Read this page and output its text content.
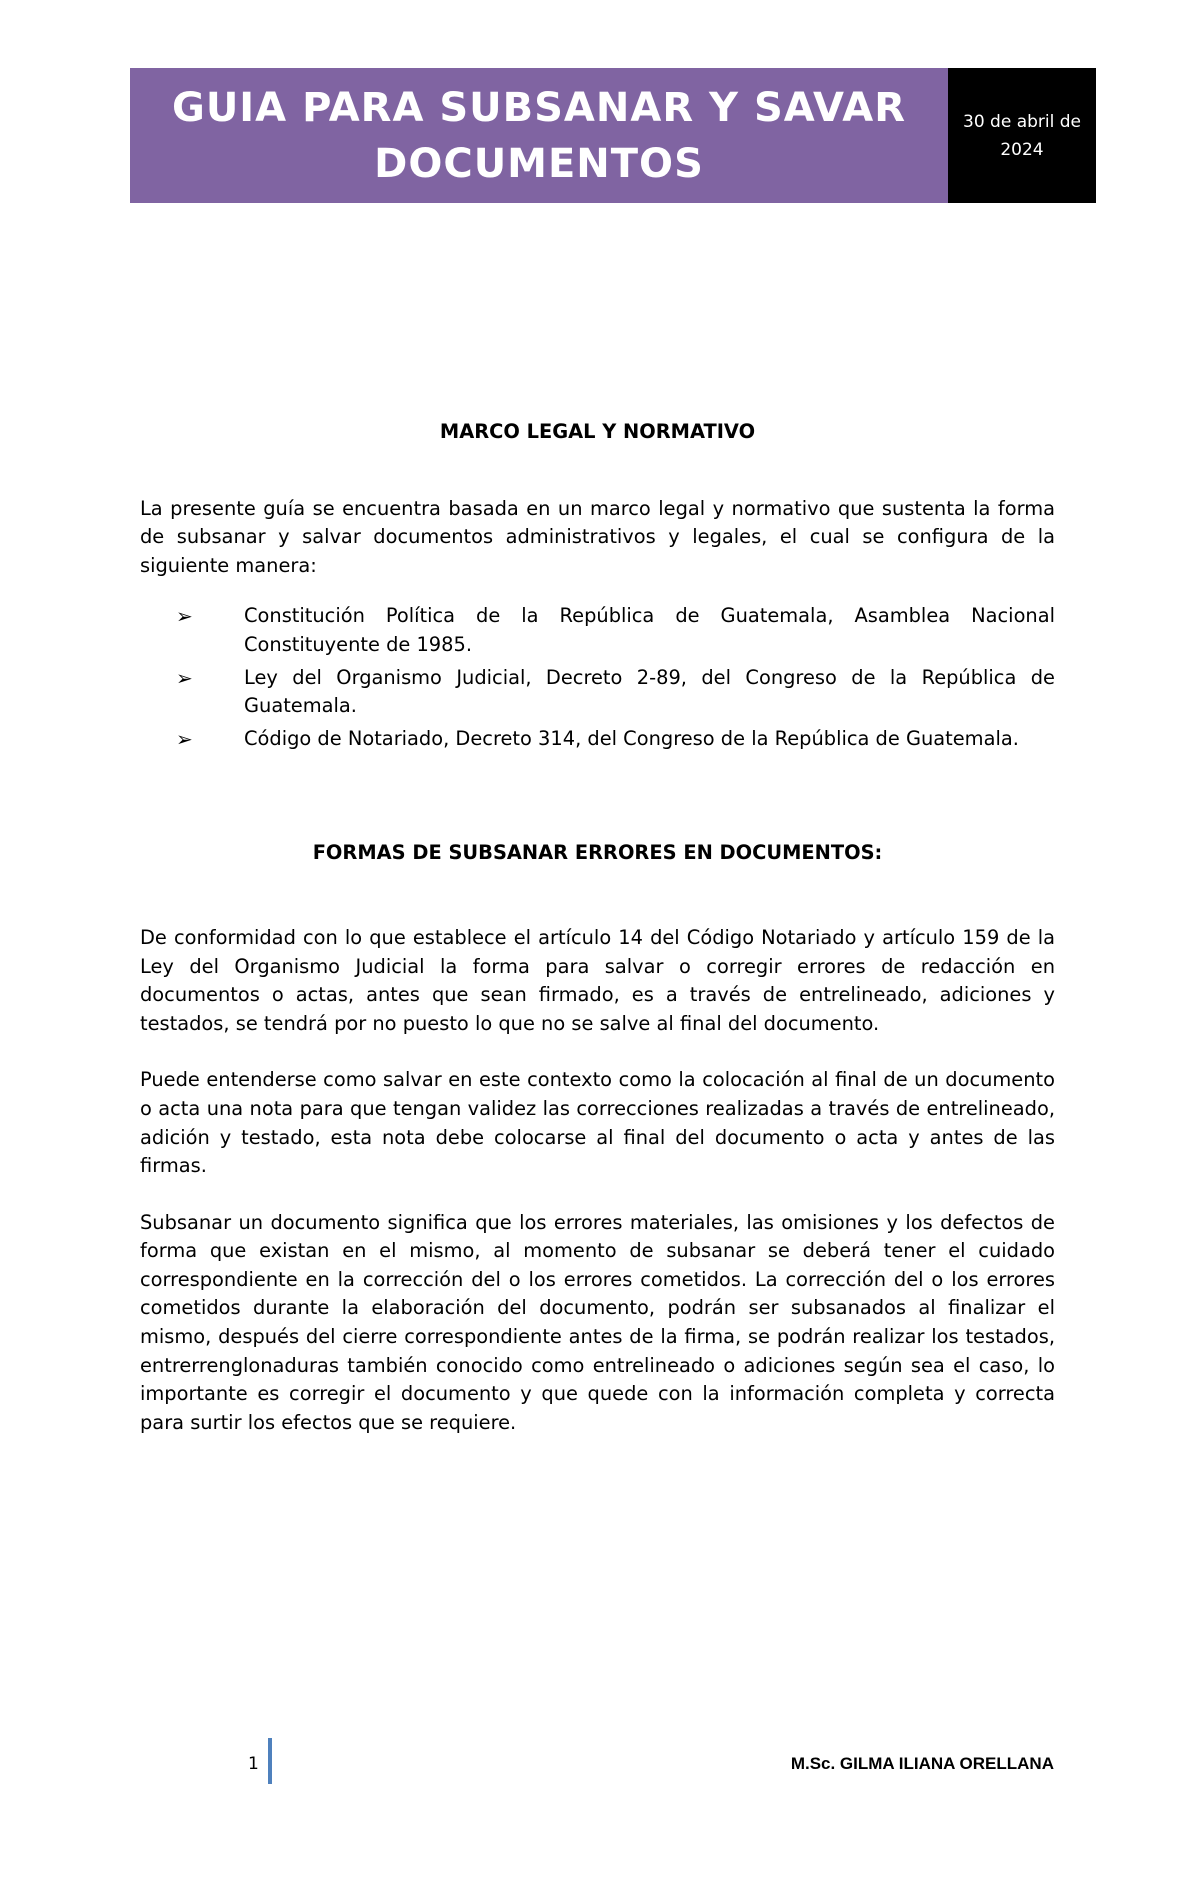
GUIA PARA SUBSANAR Y SAVAR DOCUMENTOS
30 de abril de 2024

MARCO LEGAL Y NORMATIVO

La presente guía se encuentra basada en un marco legal y normativo que sustenta la forma de subsanar y salvar documentos administrativos y legales, el cual se configura de la siguiente manera:

➢	Constitución Política de la República de Guatemala, Asamblea Nacional Constituyente de 1985.
➢	Ley del Organismo Judicial, Decreto 2-89, del Congreso de la República de Guatemala.
➢	Código de Notariado, Decreto 314, del Congreso de la República de Guatemala.

FORMAS DE SUBSANAR ERRORES EN DOCUMENTOS:

De conformidad con lo que establece el artículo 14 del Código Notariado y artículo 159 de la Ley del Organismo Judicial la forma para salvar o corregir errores de redacción en documentos o actas, antes que sean firmado, es a través de entrelineado, adiciones y testados, se tendrá por no puesto lo que no se salve al final del documento.

Puede entenderse como salvar en este contexto como la colocación al final de un documento o acta una nota para que tengan validez las correcciones realizadas a través de entrelineado, adición y testado, esta nota debe colocarse al final del documento o acta y antes de las firmas.

Subsanar un documento significa que los errores materiales, las omisiones y los defectos de forma que existan en el mismo, al momento de subsanar se deberá tener el cuidado correspondiente en la corrección del o los errores cometidos. La corrección del o los errores cometidos durante la elaboración del documento, podrán ser subsanados al finalizar el mismo, después del cierre correspondiente antes de la firma, se podrán realizar los testados, entrerrenglonaduras también conocido como entrelineado o adiciones según sea el caso, lo importante es corregir el documento y que quede con la información completa y correcta para surtir los efectos que se requiere.

1	M.Sc. GILMA ILIANA ORELLANA
